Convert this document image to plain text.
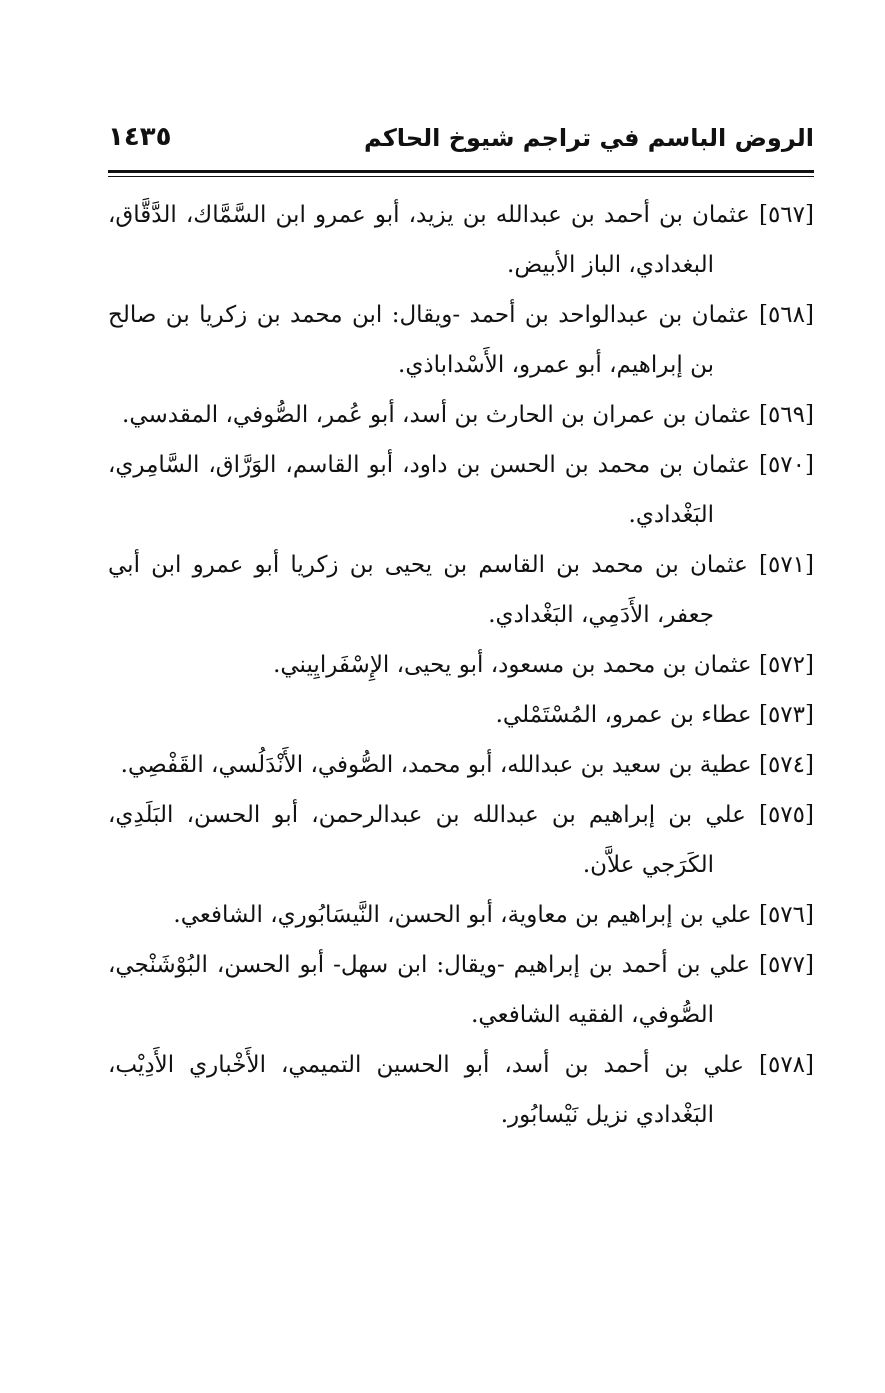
الروض الباسم في تراجم شيوخ الحاكم
١٤٣٥

[٥٦٧] عثمان بن أحمد بن عبدالله بن يزيد، أبو عمرو ابن السَّمَّاك، الدَّقَّاق، البغدادي، الباز الأبيض.

[٥٦٨] عثمان بن عبدالواحد بن أحمد -ويقال: ابن محمد بن زكريا بن صالح بن إبراهيم، أبو عمرو، الأَسْداباذي.

[٥٦٩] عثمان بن عمران بن الحارث بن أسد، أبو عُمر، الصُّوفي، المقدسي.

[٥٧٠] عثمان بن محمد بن الحسن بن داود، أبو القاسم، الوَرَّاق، السَّامِري، البَغْدادي.

[٥٧١] عثمان بن محمد بن القاسم بن يحيى بن زكريا أبو عمرو ابن أبي جعفر، الأَدَمِي، البَغْدادي.

[٥٧٢] عثمان بن محمد بن مسعود، أبو يحيى، الإِسْفَرايِيني.

[٥٧٣] عطاء بن عمرو، المُسْتَمْلي.

[٥٧٤] عطية بن سعيد بن عبدالله، أبو محمد، الصُّوفي، الأَنْدَلُسي، القَفْصِي.

[٥٧٥] علي بن إبراهيم بن عبدالله بن عبدالرحمن، أبو الحسن، البَلَدِي، الكَرَجي علاَّن.

[٥٧٦] علي بن إبراهيم بن معاوية، أبو الحسن، النَّيسَابُوري، الشافعي.

[٥٧٧] علي بن أحمد بن إبراهيم -ويقال: ابن سهل- أبو الحسن، البُوْشَنْجي، الصُّوفي، الفقيه الشافعي.

[٥٧٨] علي بن أحمد بن أسد، أبو الحسين التميمي، الأَخْباري الأَدِيْب، البَغْدادي نزيل نَيْسابُور.
